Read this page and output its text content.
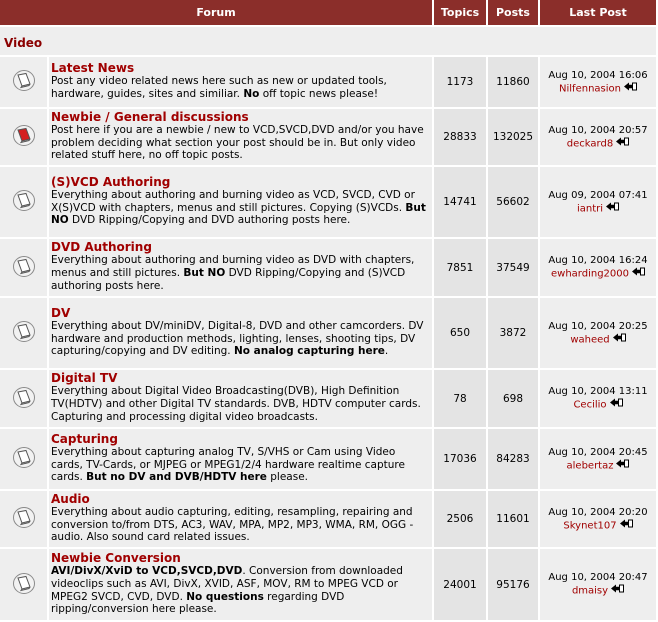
Forum		Topics	Posts	Last Post
Video				

Latest News
Post any video related news here such as new or updated tools, hardware, guides, sites and similiar. No off topic news please!	1173	11860	Aug 10, 2004 16:06
Nilfennasion

Newbie / General discussions
Post here if you are a newbie / new to VCD,SVCD,DVD and/or you have problem deciding what section your post should be in. But only video related stuff here, no off topic posts.	28833	132025	Aug 10, 2004 20:57
deckard8

(S)VCD Authoring
Everything about authoring and burning video as VCD, SVCD, CVD or X(S)VCD with chapters, menus and still pictures. Copying (S)VCDs. But NO DVD Ripping/Copying and DVD authoring posts here.	14741	56602	Aug 09, 2004 07:41
iantri

DVD Authoring
Everything about authoring and burning video as DVD with chapters, menus and still pictures. But NO DVD Ripping/Copying and (S)VCD authoring posts here.	7851	37549	Aug 10, 2004 16:24
ewharding2000

DV
Everything about DV/miniDV, Digital-8, DVD and other camcorders. DV hardware and production methods, lighting, lenses, shooting tips, DV capturing/copying and DV editing. No analog capturing here.	650	3872	Aug 10, 2004 20:25
waheed

Digital TV
Everything about Digital Video Broadcasting(DVB), High Definition TV(HDTV) and other Digital TV standards. DVB, HDTV computer cards. Capturing and processing digital video broadcasts.	78	698	Aug 10, 2004 13:11
Cecilio

Capturing
Everything about capturing analog TV, S/VHS or Cam using Video cards, TV-Cards, or MJPEG or MPEG1/2/4 hardware realtime capture cards. But no DV and DVB/HDTV here please.	17036	84283	Aug 10, 2004 20:45
alebertaz

Audio
Everything about audio capturing, editing, resampling, repairing and conversion to/from DTS, AC3, WAV, MPA, MP2, MP3, WMA, RM, OGG -audio. Also sound card related issues.	2506	11601	Aug 10, 2004 20:20
Skynet107

Newbie Conversion
AVI/DivX/XviD to VCD,SVCD,DVD. Conversion from downloaded videoclips such as AVI, DivX, XVID, ASF, MOV, RM to MPEG VCD or MPEG2 SVCD, CVD, DVD. No questions regarding DVD ripping/conversion here please.	24001	95176	Aug 10, 2004 20:47
dmaisy
